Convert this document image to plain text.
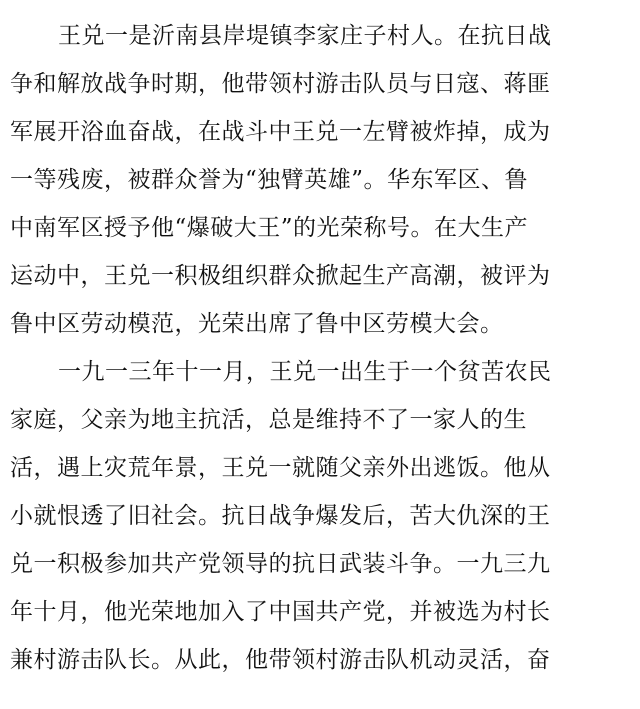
王兑一是沂南县岸堤镇李家庄子村人。在抗日战
争和解放战争时期，他带领村游击队员与日寇、蒋匪
军展开浴血奋战，在战斗中王兑一左臂被炸掉，成为
一等残废，被群众誉为“独臂英雄”。华东军区、鲁
中南军区授予他“爆破大王”的光荣称号。在大生产
运动中，王兑一积极组织群众掀起生产高潮，被评为
鲁中区劳动模范，光荣出席了鲁中区劳模大会。
一九一三年十一月，王兑一出生于一个贫苦农民
家庭，父亲为地主抗活，总是维持不了一家人的生
活，遇上灾荒年景，王兑一就随父亲外出逃饭。他从
小就恨透了旧社会。抗日战争爆发后，苦大仇深的王
兑一积极参加共产党领导的抗日武装斗争。一九三九
年十月，他光荣地加入了中国共产党，并被选为村长
兼村游击队长。从此，他带领村游击队机动灵活，奋
